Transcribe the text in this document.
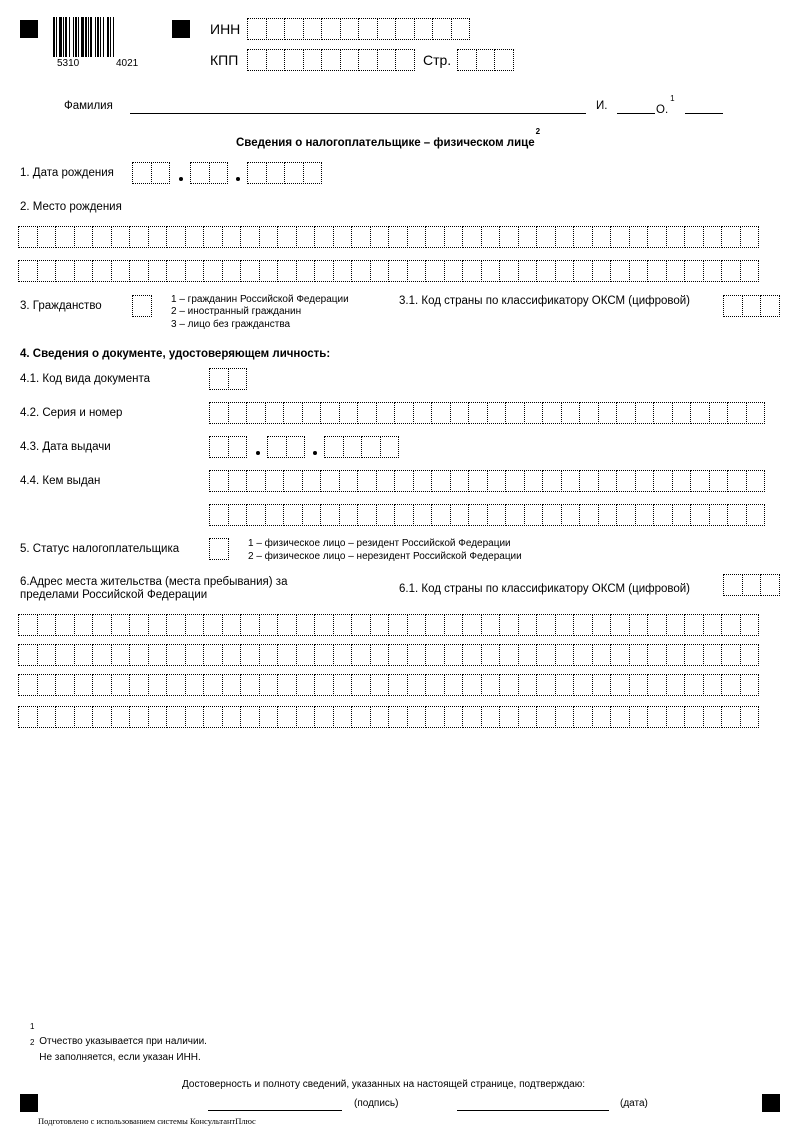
5310	4021
ИНН
КПП	Стр.
Фамилия	И.	О.$^1$
Сведения о налогоплательщике – физическом лице$^2$
1. Дата рождения
2. Место рождения
3. Гражданство
1 – гражданин Российской Федерации
2 – иностранный гражданин
3 – лицо без гражданства
3.1. Код страны по классификатору ОКСМ (цифровой)
4. Сведения о документе, удостоверяющем личность:
4.1. Код вида документа
4.2. Серия и номер
4.3. Дата выдачи
4.4. Кем выдан
5. Статус налогоплательщика	1 – физическое лицо – резидент Российской Федерации
2 – физическое лицо – нерезидент Российской Федерации
6.Адрес места жительства (места пребывания) за
пределами Российской Федерации	6.1. Код страны по классификатору ОКСМ (цифровой)
$^1$ Отчество указывается при наличии.
$^2$ Не заполняется, если указан ИНН.
Достоверность и полноту сведений, указанных на настоящей странице, подтверждаю:
(подпись)	(дата)
Подготовлено с использованием системы КонсультантПлюс
